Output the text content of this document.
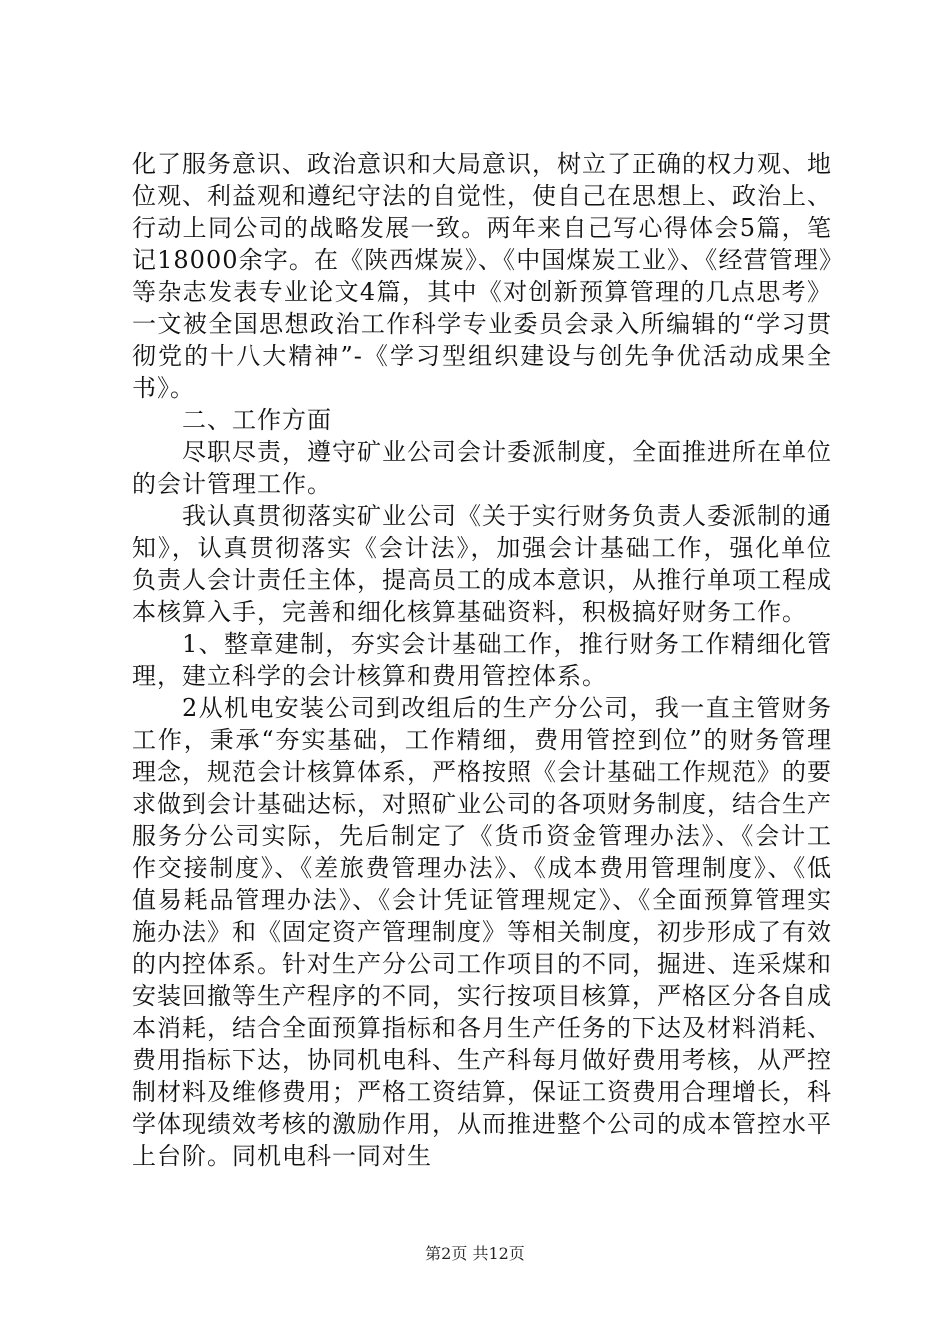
化了服务意识、政治意识和大局意识，树立了正确的权力观、地位观、利益观和遵纪守法的自觉性，使自己在思想上、政治上、行动上同公司的战略发展一致。两年来自己写心得体会5篇，笔记18000余字。在《陕西煤炭》、《中国煤炭工业》、《经营管理》等杂志发表专业论文4篇，其中《对创新预算管理的几点思考》一文被全国思想政治工作科学专业委员会录入所编辑的“学习贯彻党的十八大精神”-《学习型组织建设与创先争优活动成果全书》。

二、工作方面

尽职尽责，遵守矿业公司会计委派制度，全面推进所在单位的会计管理工作。

我认真贯彻落实矿业公司《关于实行财务负责人委派制的通知》，认真贯彻落实《会计法》，加强会计基础工作，强化单位负责人会计责任主体，提高员工的成本意识，从推行单项工程成本核算入手，完善和细化核算基础资料，积极搞好财务工作。

1、整章建制，夯实会计基础工作，推行财务工作精细化管理，建立科学的会计核算和费用管控体系。

2从机电安装公司到改组后的生产分公司，我一直主管财务工作，秉承“夯实基础，工作精细，费用管控到位”的财务管理理念，规范会计核算体系，严格按照《会计基础工作规范》的要求做到会计基础达标，对照矿业公司的各项财务制度，结合生产服务分公司实际，先后制定了《货币资金管理办法》、《会计工作交接制度》、《差旅费管理办法》、《成本费用管理制度》、《低值易耗品管理办法》、《会计凭证管理规定》、《全面预算管理实施办法》和《固定资产管理制度》等相关制度，初步形成了有效的内控体系。针对生产分公司工作项目的不同，掘进、连采煤和安装回撤等生产程序的不同，实行按项目核算，严格区分各自成本消耗，结合全面预算指标和各月生产任务的下达及材料消耗、费用指标下达，协同机电科、生产科每月做好费用考核，从严控制材料及维修费用；严格工资结算，保证工资费用合理增长，科学体现绩效考核的激励作用，从而推进整个公司的成本管控水平上台阶。同机电科一同对生

第2页 共12页
